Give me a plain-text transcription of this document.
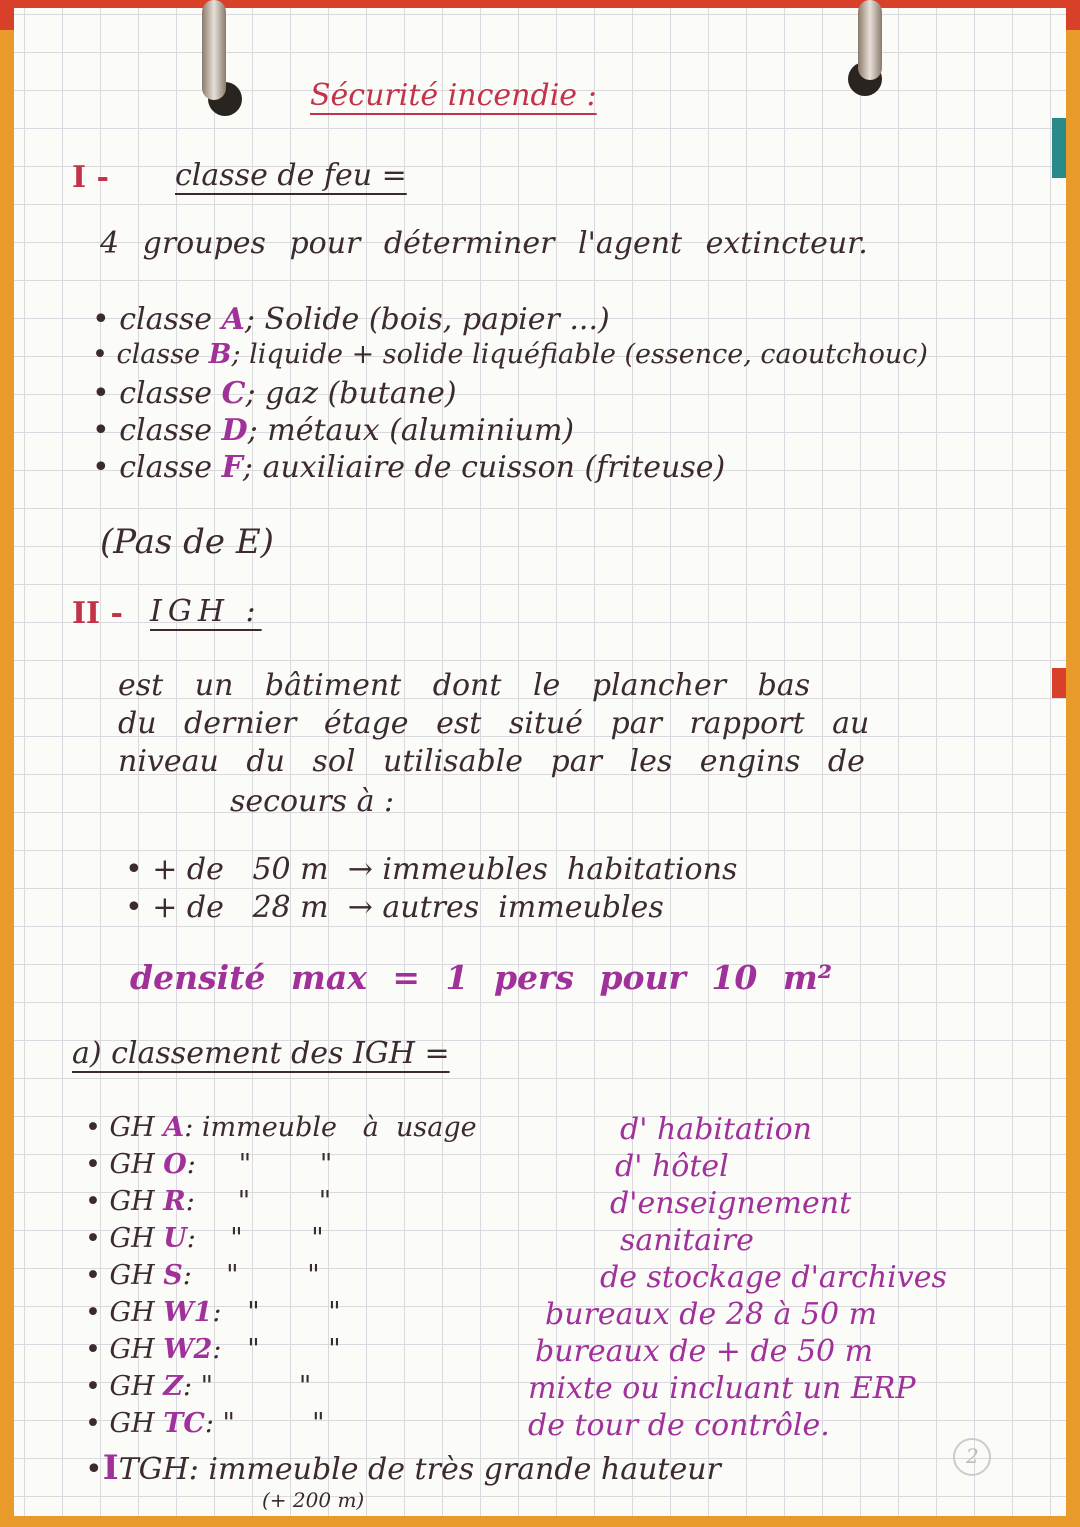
Sécurité incendie :
I - classe de feu =
4 groupes pour déterminer l'agent extincteur.
• classe A; Solide (bois, papier ...)
• classe B; liquide + solide liquéfiable (essence, caoutchouc)
• classe C; gaz (butane)
• classe D; métaux (aluminium)
• classe F; auxiliaire de cuisson (friteuse)
(Pas de E)
II - IGH :
est un bâtiment dont le plancher bas
du dernier étage est situé par rapport au
niveau du sol utilisable par les engins de
secours à :
• + de   50 m  → immeubles  habitations
• + de   28 m  → autres  immeubles
densité max = 1 pers pour 10 m²
a) classement des IGH =
• GH A: immeuble   à  usage	d' habitation
• GH O:     "        "	d' hôtel
• GH R:     "        "	d'enseignement
• GH U:    "        "	sanitaire
• GH S:    "        "	de stockage d'archives
• GH W1:   "        "	bureaux de 28 à 50 m
• GH W2:   "        "	bureaux de + de 50 m
• GH Z: "          "	mixte ou incluant un ERP
• GH TC: "         "	de tour de contrôle.
•ITGH: immeuble de très grande hauteur
(+ 200 m)
2
